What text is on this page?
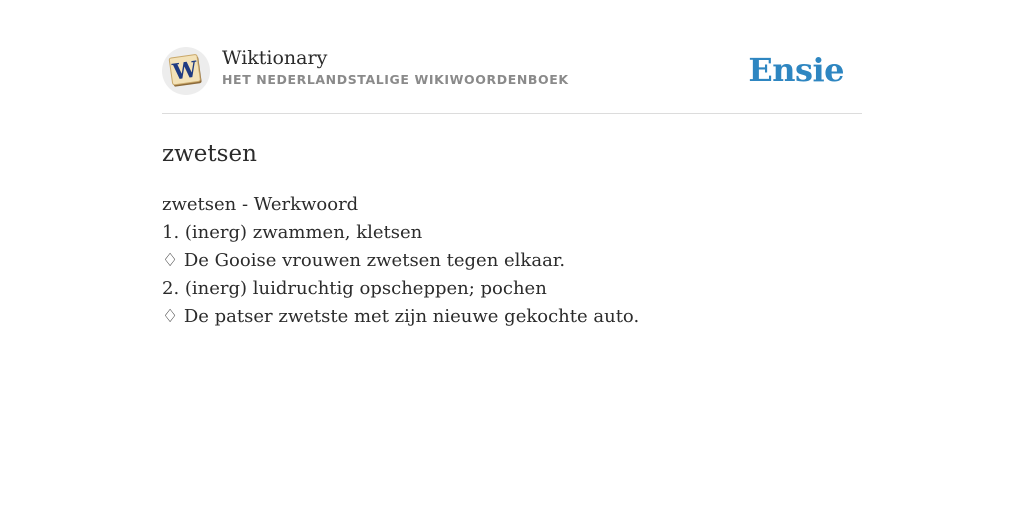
W Wiktionary
HET NEDERLANDSTALIGE WIKIWOORDENBOEK	Ensie
zwetsen
zwetsen - Werkwoord
1. (inerg) zwammen, kletsen
♢ De Gooise vrouwen zwetsen tegen elkaar.
2. (inerg) luidruchtig opscheppen; pochen
♢ De patser zwetste met zijn nieuwe gekochte auto.
